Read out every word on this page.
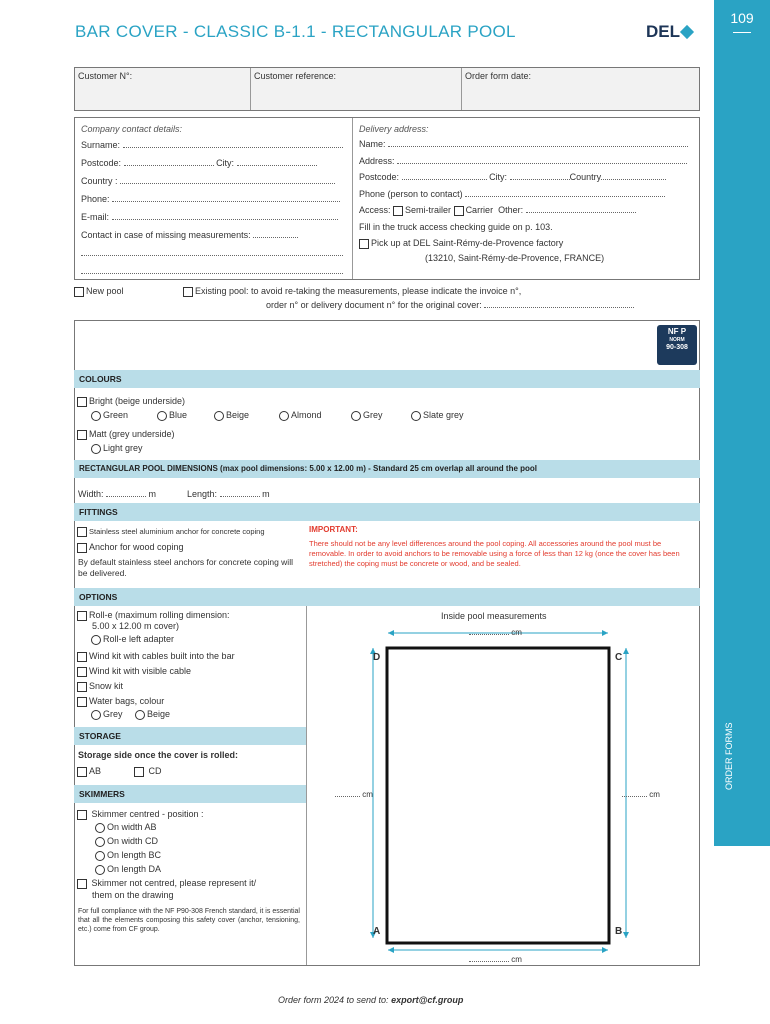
BAR COVER - CLASSIC B-1.1 - RECTANGULAR POOL	DEL
109
ORDER FORMS
Customer N°:	Customer reference:	Order form date:
Company contact details:
Surname:
Postcode:	City:
Country :
Phone:
E-mail:
Contact in case of missing measurements:
Delivery address:
Name:
Address:
Postcode:	City:	Country
Phone (person to contact)
Access: Semi-trailer Carrier Other:
Fill in the truck access checking guide on p. 103.
Pick up at DEL Saint-Rémy-de-Provence factory
(13210, Saint-Rémy-de-Provence, FRANCE)
New pool	Existing pool: to avoid re-taking the measurements, please indicate the invoice n°,
order n° or delivery document n° for the original cover:
NF P
NORM
90-308
SAFETY
COLOURS
Bright (beige underside)
Green	Blue	Beige	Almond	Grey	Slate grey
Matt (grey underside)
Light grey
RECTANGULAR POOL DIMENSIONS (max pool dimensions: 5.00 x 12.00 m) - Standard 25 cm overlap all around the pool
Width:	m	Length:	m
FITTINGS
Stainless steel aluminium anchor for concrete coping
Anchor for wood coping
By default stainless steel anchors for concrete coping will be delivered.
IMPORTANT:
There should not be any level differences around the pool coping. All accessories around the pool must be removable. In order to avoid anchors to be removable using a force of less than 12 kg (once the cover has been stretched) the coping must be concrete or wood, and be sealed.
OPTIONS
Roll-e (maximum rolling dimension:
5.00 x 12.00 m cover)
Roll-e left adapter
Wind kit with cables built into the bar
Wind kit with visible cable
Snow kit
Water bags, colour
Grey	Beige
STORAGE
Storage side once the cover is rolled:
AB	CD
SKIMMERS
Skimmer centred - position :
On width AB
On width CD
On length BC
On length DA
Skimmer not centred, please represent it/
them on the drawing
For full compliance with the NF P90-308 French standard, it is essential that all the elements composing this safety cover (anchor, tensioning, etc.) come from CF group.
Inside pool measurements
cm
cm
cm	cm
D	C
A	B
Order form 2024 to send to: export@cf.group
